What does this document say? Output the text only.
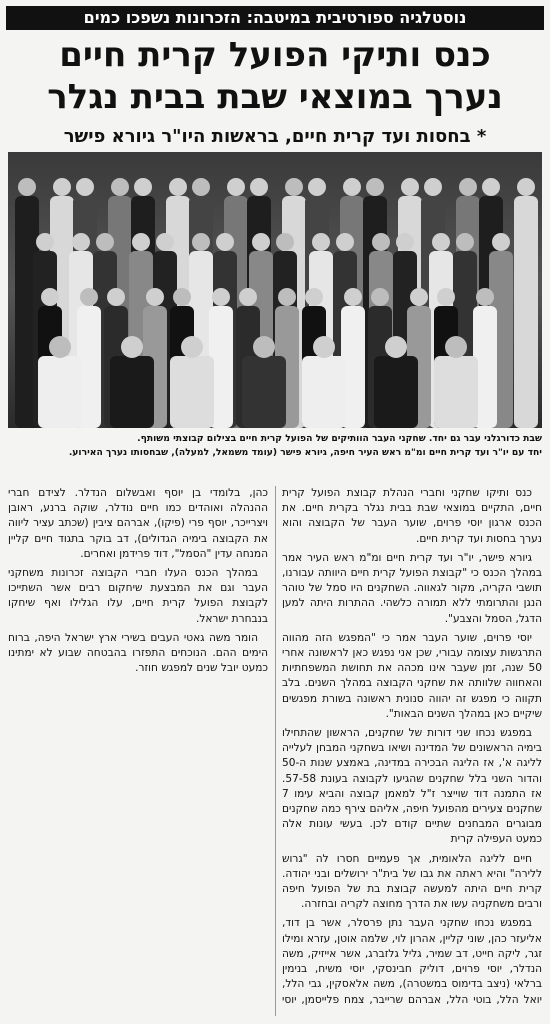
נוסטלגיה ספורטיבית במיטבה: הזכרונות נשפכו כמים
כנס ותיקי הפועל קרית חיים
נערך במוצאי שבת בבית נגלר
* בחסות ועד קרית חיים, בראשות היו"ר גיורא פישר
שבת כדורגלני עבר גם יחד. שחקני העבר הוותיקים של הפועל קרית חיים בצילום קבוצתי משותף.
יחד עם יו"ר ועד קרית חיים ומ"מ ראש העיר חיפה, גיורא פישר (עומד משמאל, למעלה), שבחסותו נערך האירוע.

כנס ותיקו שחקני וחברי הנהלת קבוצת הפועל קרית חיים, התקיים במוצאי שבת בבית נגלר בקרית חיים. את הכנס ארגון יוסי פרוים, שוער העבר של הקבוצה והוא נערך בחסות ועד קרית חיים.

גיורא פישר, יו"ר ועד קרית חיים ומ"מ ראש העיר אמר במהלך הכנס כי "קבוצת הפועל קרית חיים היוותה עבורנו, תושבי הקריה, מקור לגאווה. השחקנים היו סמל של טוהר הנגן והתרומתי ללא תמורה כלשהי. ההתרות היתה למען הדגל, הסמל והצבע".

יוסי פרוים, שוער העבר אמר כי "המפגש הזה מהווה התרגשות עצומה עבורי, שכן אני נפגש כאן לראשונה אחרי 50 שנה, זמן שעבר אינו מכהה את תחושת המשפחתיות והאחווה שלוותה את שחקני הקבוצה במהלך השנים. בלב תקווה כי מפגש זה יהווה סנונית ראשונה בשורת מפגשים שיקיים כאן במהלך השנים הבאות".

במפגש נכחו שני דורות של שחקנים, הראשון שהתחילו בימיה הראשונים של המדינה ושיאו בשחקני המבחן לעלייה לליגה א', אז הליגה הבכירה במדינה, באמצע שנות ה-50 והדור השני בלל שחקנים שהגיעו לקבוצה בעונת 57-58. אז התמנה דוד שוייצר ז"ל למאמן קבוצה והביא עימו 7 שחקנים צעירים מהפועל חיפה, אליהם צירף כמה שחקנים מבוגרים המבחנים שתיים קודם לכן. בעשי עונות אלה כמעט העפילה קרית

חיים לליגה הלאומית, אך פעמיים חסרו לה "גרוש ללירה" והיא ראתה את גבו של בית"ר ירושלים ובני יהודה. קרית חיים היתה למעשה קבוצת בת של הפועל חיפה ורבים משחקניה עשו את הדרך מחוצה לקריה ובחזרה.

במפגש נכחו שחקני העבר נתן פרסלר, אשר בן דוד, אליעזר כהן, שוני קליין, אהרון לוי, שלמה אוטן, עזרא ומילו זגר, ליקה חייט, דב שמיר, גליל גלזברג, אשר אייזיק, משה הנדלר, יוסי פרוים, דוליק חבינסקי, יוסי משיח, בנימין ברלאי (ניצב בדימוס במשטרה), משה אלאסקין, גבי הלל, יואל הלל, בוטי הלל, אברהם שרייבר, צמח פלייסמן, יוסי כהן, בלומדי בן יוסף ואבשלום הנדלר. לצידם חברי ההנהלה ואוהדים כמו חיים נודלר, שוקה ברנע, ראובן ויצרייכר, יוסף פרי (פיקו), אברהם ציבין (שכתב עציר ליווה את הקבוצה בימיה הגדולים), דב בוקר בתגוד חיים קליין המנחה עדין "הסמל", דוד פרידמן ואחרים.

במהלך הכנס העלו חברי הקבוצה זכרונות משחקני העבר וגם את המבצעת שיחקום רבים אשר השתייכו לקבוצת הפועל קרית חיים, עלו הגלילו ואף שיחקו בנבחרת ישראל.

הומר משה גאטי העבים בשירי ארץ ישראל היפה, ברוח הימים ההם. הנוכחים התפזרו בהבטחה שבוע לא ימתינו כמעט יובל שנים למפגש חוזר.
